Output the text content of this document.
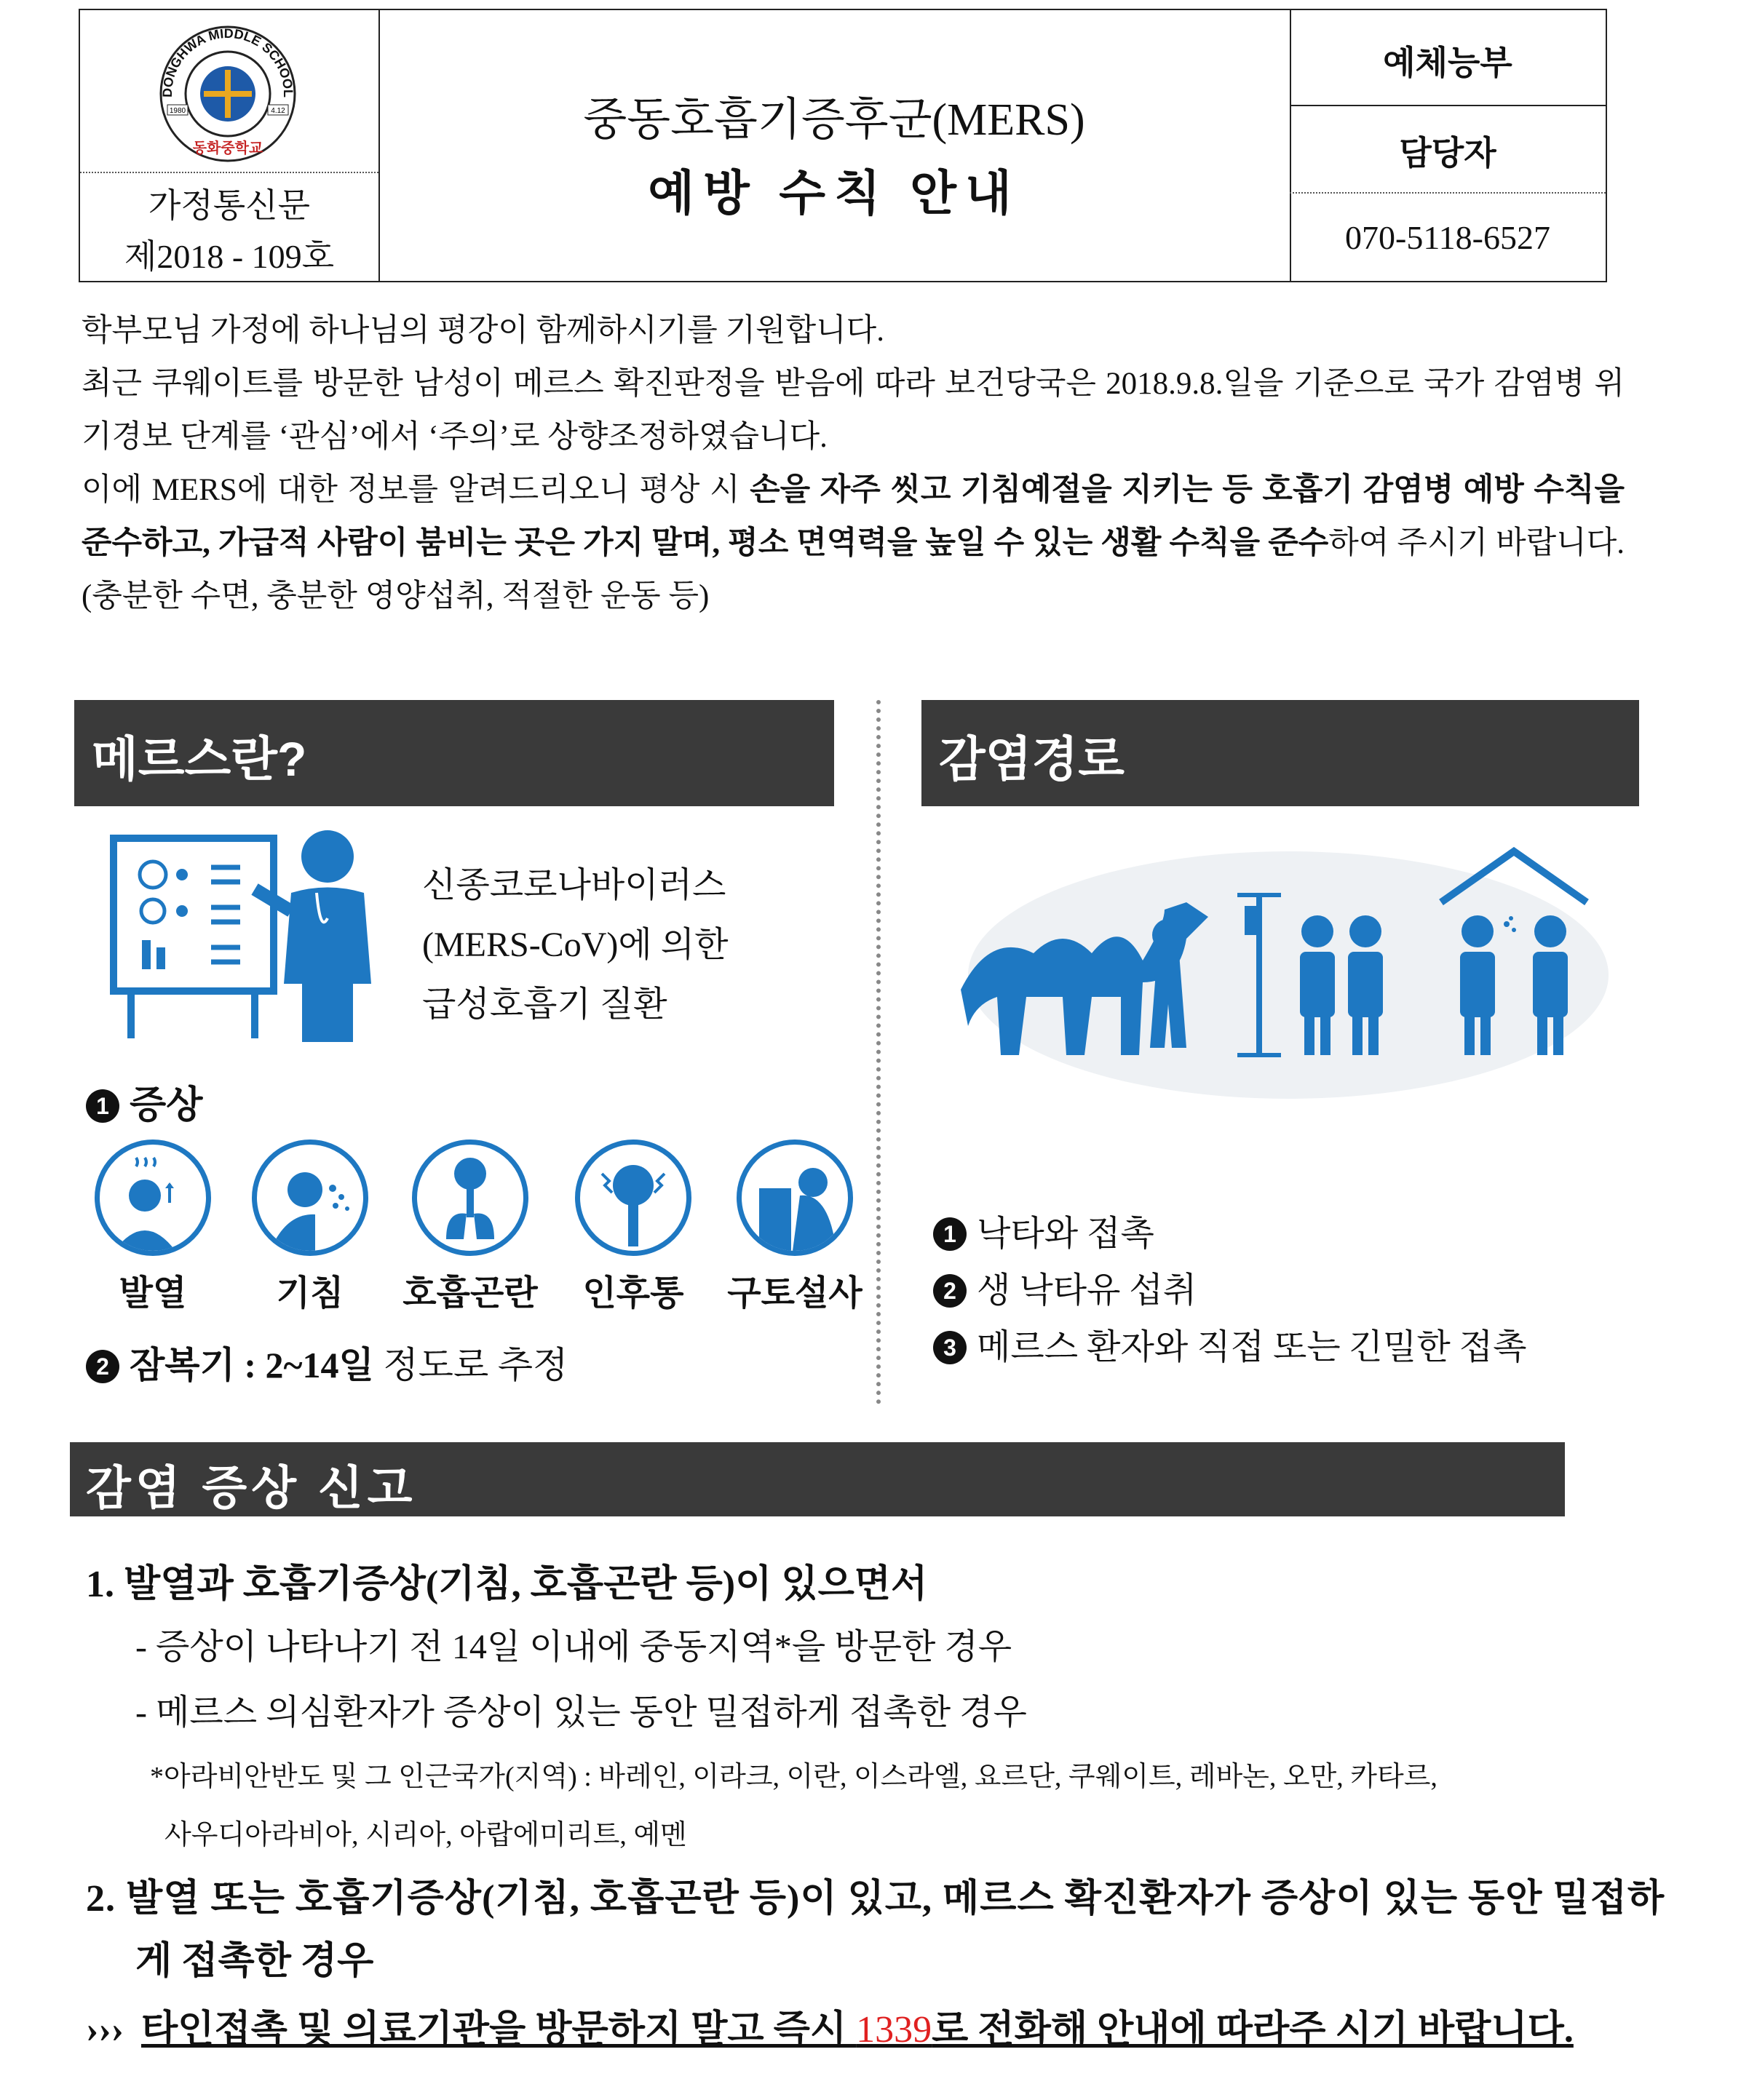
DONGHWA MIDDLE SCHOOL
1980	4.12
동화중학교
가정통신문
제2018 - 109호
중동호흡기증후군(MERS)
예방 수칙 안내
예체능부
담당자
070-5118-6527

학부모님 가정에 하나님의 평강이 함께하시기를 기원합니다.

최근 쿠웨이트를 방문한 남성이 메르스 확진판정을 받음에 따라 보건당국은 2018.9.8.일을 기준으로 국가 감염병 위기경보 단계를 ‘관심’에서 ‘주의’로 상향조정하였습니다.

이에 MERS에 대한 정보를 알려드리오니 평상 시 손을 자주 씻고 기침예절을 지키는 등 호흡기 감염병 예방 수칙을 준수하고, 가급적 사람이 붐비는 곳은 가지 말며, 평소 면역력을 높일 수 있는 생활 수칙을 준수하여 주시기 바랍니다. (충분한 수면, 충분한 영양섭취, 적절한 운동 등)

메르스란?	감염경로
신종코로나바이러스
(MERS-CoV)에 의한
급성호흡기 질환
1 증상
발열	기침	호흡곤란	인후통	구토설사
2 잠복기 : 2~14일 정도로 추정
1 낙타와 접촉
2 생 낙타유 섭취
3 메르스 환자와 직접 또는 긴밀한 접촉
감염 증상 신고
1. 발열과 호흡기증상(기침, 호흡곤란 등)이 있으면서
- 증상이 나타나기 전 14일 이내에 중동지역*을 방문한 경우
- 메르스 의심환자가 증상이 있는 동안 밀접하게 접촉한 경우
*아라비안반도 및 그 인근국가(지역) : 바레인, 이라크, 이란, 이스라엘, 요르단, 쿠웨이트, 레바논, 오만, 카타르,
사우디아라비아, 시리아, 아랍에미리트, 예멘
2. 발열 또는 호흡기증상(기침, 호흡곤란 등)이 있고, 메르스 확진환자가 증상이 있는 동안 밀접하
게 접촉한 경우
››› 타인접촉 및 의료기관을 방문하지 말고 즉시 1339로 전화해 안내에 따라주 시기 바랍니다.
